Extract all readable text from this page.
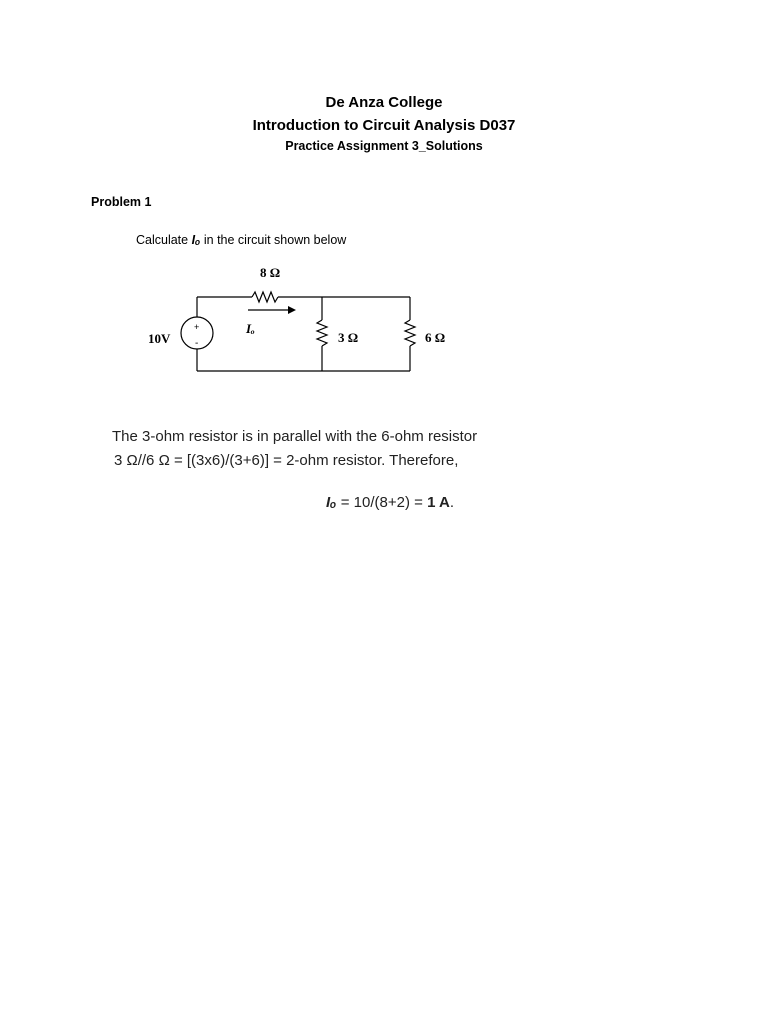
De Anza College
Introduction to Circuit Analysis D037
Practice Assignment 3_Solutions
Problem 1
Calculate Iₒ in the circuit shown below
8 Ω
Iₒ
3 Ω	6 Ω
10V
+
-
The 3-ohm resistor is in parallel with the 6-ohm resistor
3 Ω//6 Ω = [(3x6)/(3+6)] = 2-ohm resistor. Therefore,
Iₒ = 10/(8+2) = 1 A.
